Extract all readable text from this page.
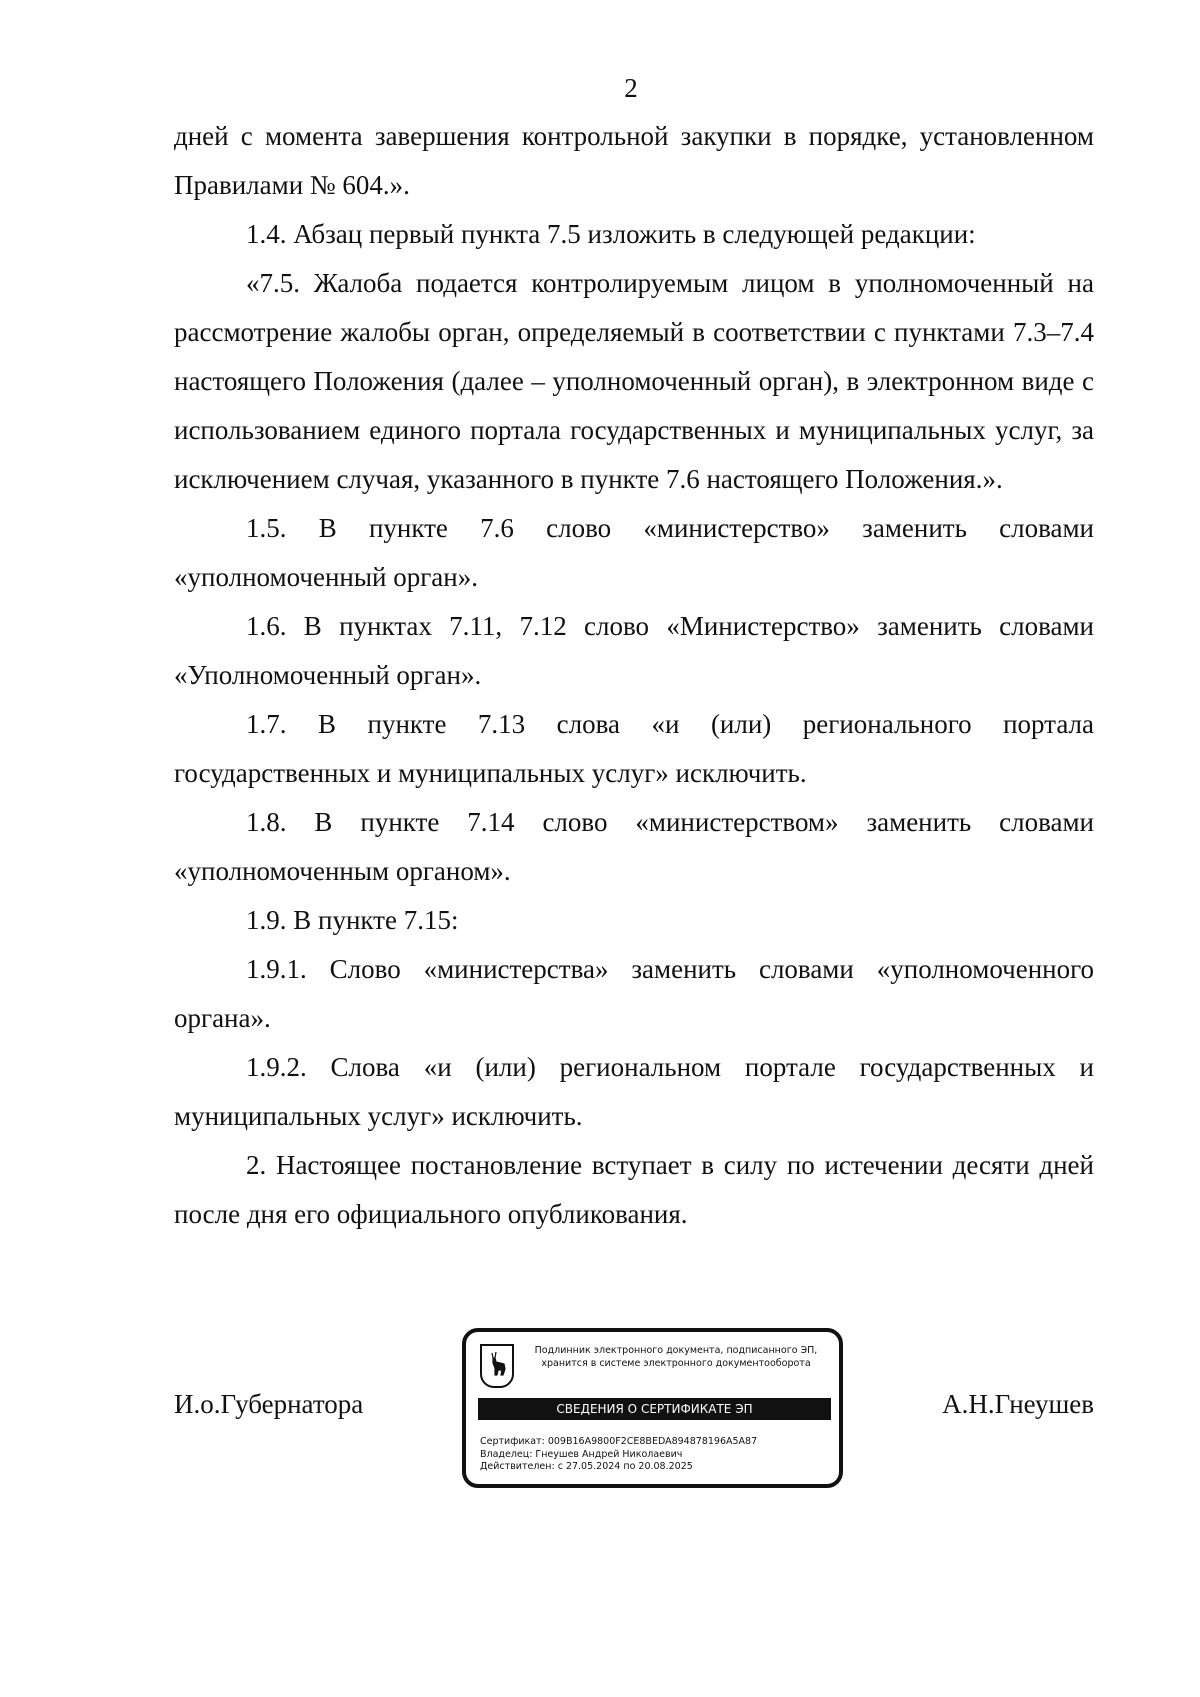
2

дней с момента завершения контрольной закупки в порядке, установленном Правилами № 604.».

1.4. Абзац первый пункта 7.5 изложить в следующей редакции:

«7.5. Жалоба подается контролируемым лицом в уполномоченный на рассмотрение жалобы орган, определяемый в соответствии с пунктами 7.3–7.4 настоящего Положения (далее – уполномоченный орган), в электронном виде с использованием единого портала государственных и муниципальных услуг, за исключением случая, указанного в пункте 7.6 настоящего Положения.».

1.5. В пункте 7.6 слово «министерство» заменить словами «уполномоченный орган».

1.6. В пунктах 7.11, 7.12 слово «Министерство» заменить словами «Уполномоченный орган».

1.7. В пункте 7.13 слова «и (или) регионального портала государственных и муниципальных услуг» исключить.

1.8. В пункте 7.14 слово «министерством» заменить словами «уполномоченным органом».

1.9. В пункте 7.15:

1.9.1. Слово «министерства» заменить словами «уполномоченного органа».

1.9.2. Слова «и (или) региональном портале государственных и муниципальных услуг» исключить.

2. Настоящее постановление вступает в силу по истечении десяти дней после дня его официального опубликования.

И.о.Губернатора
Подлинник электронного документа, подписанного ЭП,
хранится в системе электронного документооборота
СВЕДЕНИЯ О СЕРТИФИКАТЕ ЭП
Сертификат: 009B16A9800F2CE8BEDA894878196A5A87
Владелец: Гнеушев Андрей Николаевич
Действителен: с 27.05.2024 по 20.08.2025
А.Н.Гнеушев
